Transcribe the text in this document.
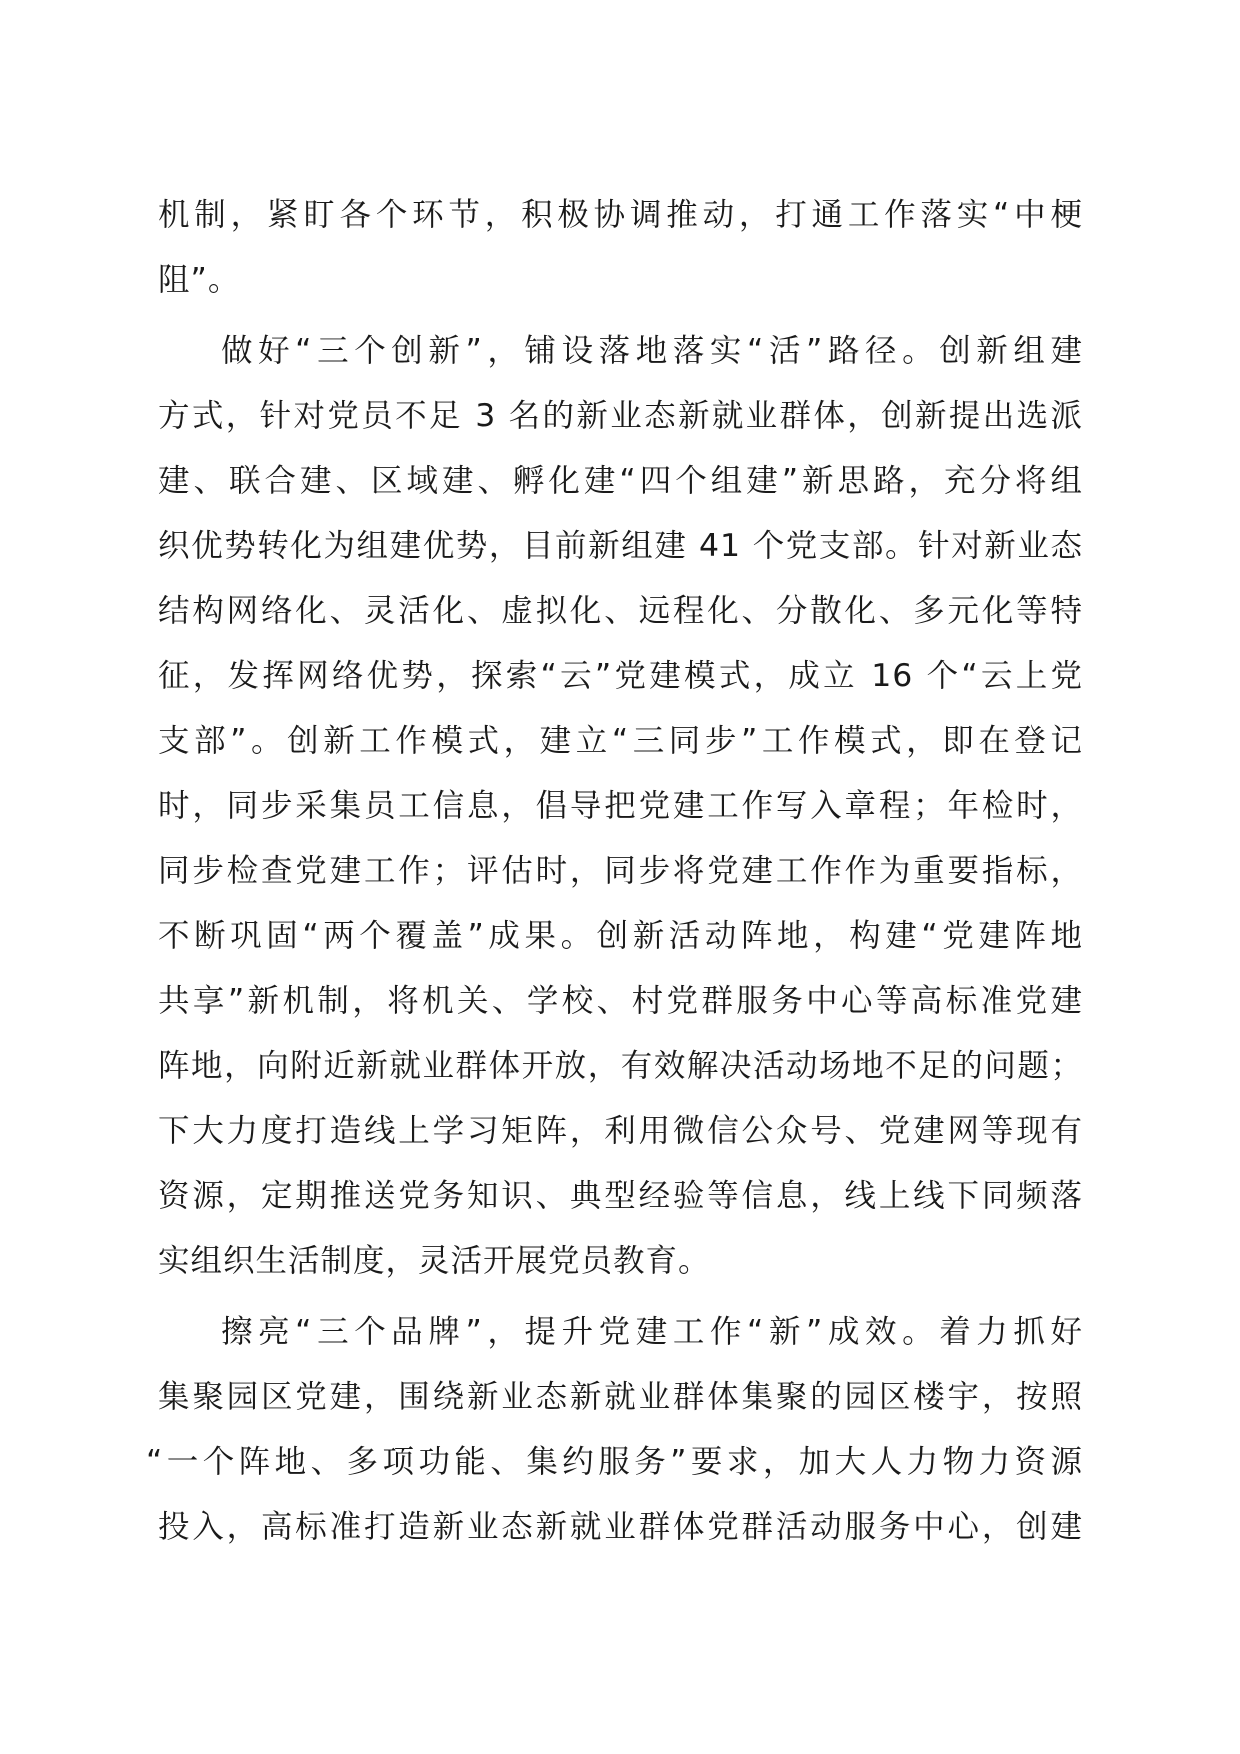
机制，紧盯各个环节，积极协调推动，打通工作落实“中梗
阻”。
做好“三个创新”，铺设落地落实“活”路径。创新组建
方式，针对党员不足 3 名的新业态新就业群体，创新提出选派
建、联合建、区域建、孵化建“四个组建”新思路，充分将组
织优势转化为组建优势，目前新组建 41 个党支部。针对新业态
结构网络化、灵活化、虚拟化、远程化、分散化、多元化等特
征，发挥网络优势，探索“云”党建模式，成立 16 个“云上党
支部”。创新工作模式，建立“三同步”工作模式，即在登记
时，同步采集员工信息，倡导把党建工作写入章程；年检时，
同步检查党建工作；评估时，同步将党建工作作为重要指标，
不断巩固“两个覆盖”成果。创新活动阵地，构建“党建阵地
共享”新机制，将机关、学校、村党群服务中心等高标准党建
阵地，向附近新就业群体开放，有效解决活动场地不足的问题；
下大力度打造线上学习矩阵，利用微信公众号、党建网等现有
资源，定期推送党务知识、典型经验等信息，线上线下同频落
实组织生活制度，灵活开展党员教育。
擦亮“三个品牌”，提升党建工作“新”成效。着力抓好
集聚园区党建，围绕新业态新就业群体集聚的园区楼宇，按照
“一个阵地、多项功能、集约服务”要求，加大人力物力资源
投入，高标准打造新业态新就业群体党群活动服务中心，创建
